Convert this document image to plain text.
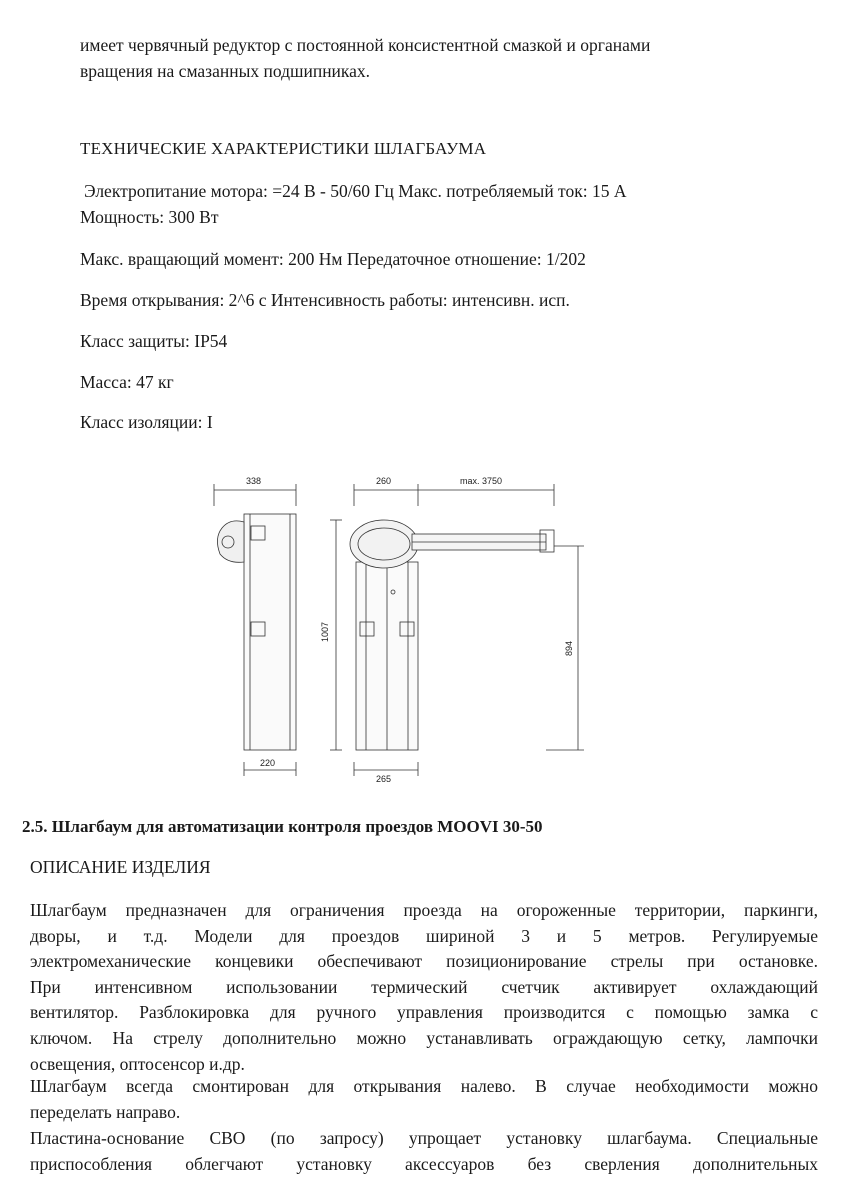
имеет червячный редуктор с постоянной консистентной смазкой и органами
вращения на смазанных подшипниках.
ТЕХНИЧЕСКИЕ ХАРАКТЕРИСТИКИ ШЛАГБАУМА
Электропитание мотора: =24 В - 50/60 Гц Макс. потребляемый ток: 15 А
Мощность: 300 Вт
Макс. вращающий момент: 200 Нм Передаточное отношение: 1/202
Время открывания: 2^6 с Интенсивность работы: интенсивн. исп.
Класс защиты: IP54
Масса: 47 кг
Класс изоляции: I
338
220
1007
260	max. 3750
265
894
2.5. Шлагбаум для автоматизации контроля проездов MOOVI 30-50
ОПИСАНИЕ ИЗДЕЛИЯ
Шлагбаум предназначен для ограничения проезда на огороженные территории, паркинги,
дворы, и т.д. Модели для проездов шириной 3 и 5 метров. Регулируемые
электромеханические концевики обеспечивают позиционирование стрелы при остановке.
При интенсивном использовании термический счетчик активирует охлаждающий
вентилятор. Разблокировка для ручного управления производится с помощью замка с
ключом. На стрелу дополнительно можно устанавливать ограждающую сетку, лампочки
освещения, оптосенсор и.др.
Шлагбаум всегда смонтирован для открывания налево. В случае необходимости можно
переделать направо.
Пластина-основание СВО (по запросу) упрощает установку шлагбаума. Специальные
приспособления облегчают установку аксессуаров без сверления дополнительных
